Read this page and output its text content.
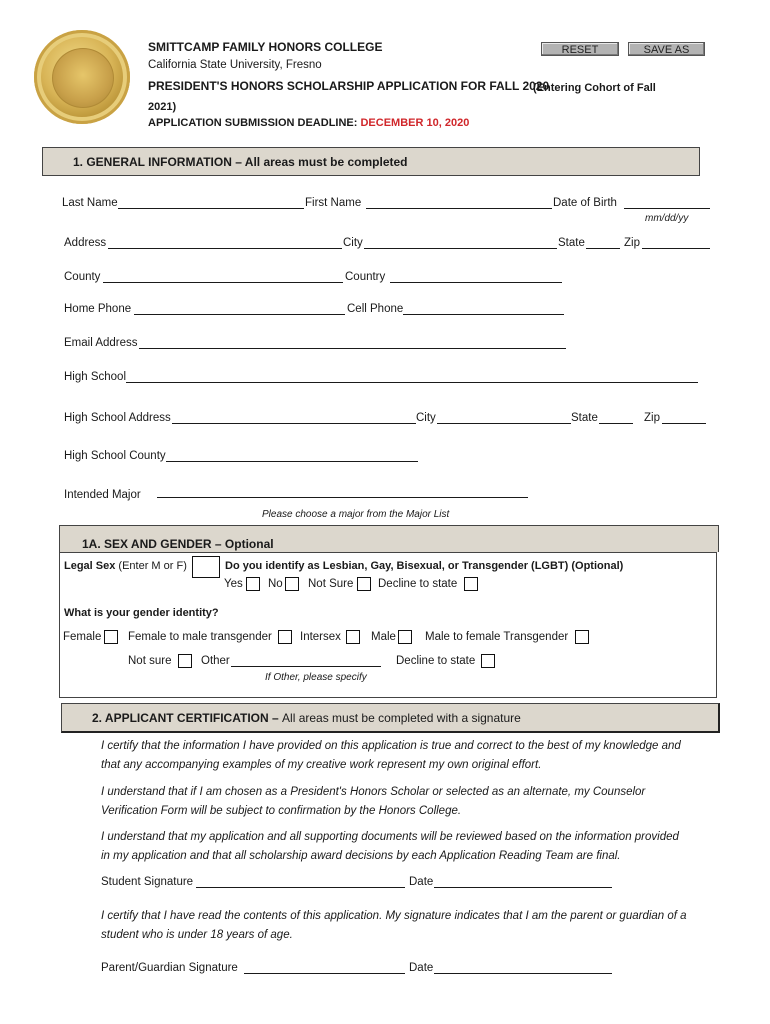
SMITTCAMP FAMILY HONORS COLLEGE
California State University, Fresno
PRESIDENT'S HONORS SCHOLARSHIP APPLICATION FOR FALL 2020
(Entering Cohort of Fall 2021)
APPLICATION SUBMISSION DEADLINE: DECEMBER 10, 2020
RESET	SAVE AS
1. GENERAL INFORMATION – All areas must be completed
Last Name	First Name	Date of Birth
mm/dd/yy
Address	City	State	Zip
County	Country
Home Phone	Cell Phone
Email Address
High School
High School Address	City	State	Zip
High School County
Intended Major
Please choose a major from the Major List
1A. SEX AND GENDER – Optional
Legal Sex (Enter M or F)	Do you identify as Lesbian, Gay, Bisexual, or Transgender (LGBT) (Optional)
Yes No Not Sure Decline to state
What is your gender identity?
Female Female to male transgender Intersex	Male	Male to female Transgender
Not sure	Other	Decline to state
If Other, please specify
2. APPLICANT CERTIFICATION – All areas must be completed with a signature
I certify that the information I have provided on this application is true and correct to the best of my knowledge and that any accompanying examples of my creative work represent my own original effort.
I understand that if I am chosen as a President's Honors Scholar or selected as an alternate, my Counselor Verification Form will be subject to confirmation by the Honors College.
I understand that my application and all supporting documents will be reviewed based on the information provided in my application and that all scholarship award decisions by each Application Reading Team are final.
Student Signature	Date
I certify that I have read the contents of this application. My signature indicates that I am the parent or guardian of a student who is under 18 years of age.
Parent/Guardian Signature	Date
